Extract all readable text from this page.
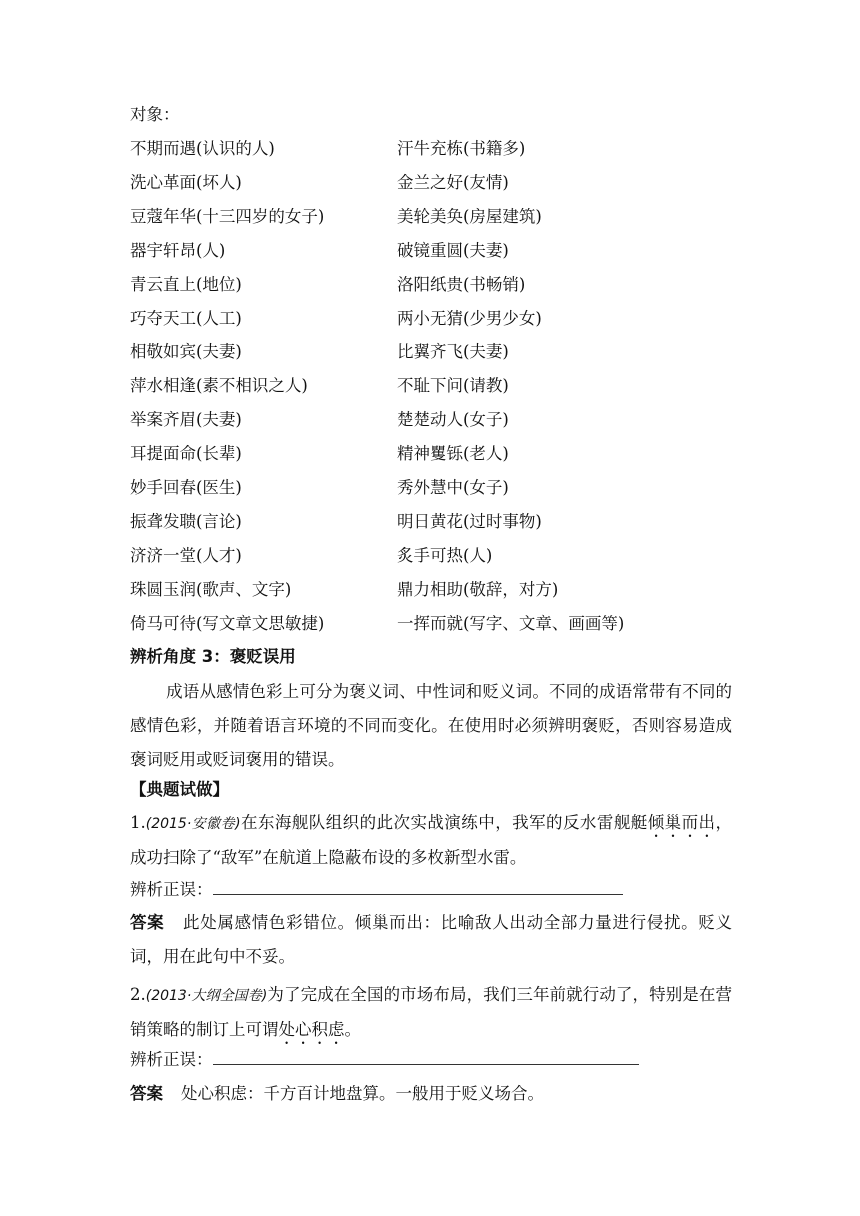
对象：
不期而遇(认识的人)	汗牛充栋(书籍多)
洗心革面(坏人)	金兰之好(友情)
豆蔻年华(十三四岁的女子)	美轮美奂(房屋建筑)
器宇轩昂(人)	破镜重圆(夫妻)
青云直上(地位)	洛阳纸贵(书畅销)
巧夺天工(人工)	两小无猜(少男少女)
相敬如宾(夫妻)	比翼齐飞(夫妻)
萍水相逢(素不相识之人)	不耻下问(请教)
举案齐眉(夫妻)	楚楚动人(女子)
耳提面命(长辈)	精神矍铄(老人)
妙手回春(医生)	秀外慧中(女子)
振聋发聩(言论)	明日黄花(过时事物)
济济一堂(人才)	炙手可热(人)
珠圆玉润(歌声、文字)	鼎力相助(敬辞，对方)
倚马可待(写文章文思敏捷)	一挥而就(写字、文章、画画等)
辨析角度 3：褒贬误用
成语从感情色彩上可分为褒义词、中性词和贬义词。不同的成语常带有不同的感情色彩，并随着语言环境的不同而变化。在使用时必须辨明褒贬，否则容易造成褒词贬用或贬词褒用的错误。
【典题试做】
1.(2015·安徽卷)在东海舰队组织的此次实战演练中，我军的反水雷舰艇倾巢而出，成功扫除了“敌军”在航道上隐蔽布设的多枚新型水雷。
辨析正误：
答案 此处属感情色彩错位。倾巢而出：比喻敌人出动全部力量进行侵扰。贬义词，用在此句中不妥。
2.(2013·大纲全国卷)为了完成在全国的市场布局，我们三年前就行动了，特别是在营销策略的制订上可谓处心积虑。
辨析正误：
答案 处心积虑：千方百计地盘算。一般用于贬义场合。
